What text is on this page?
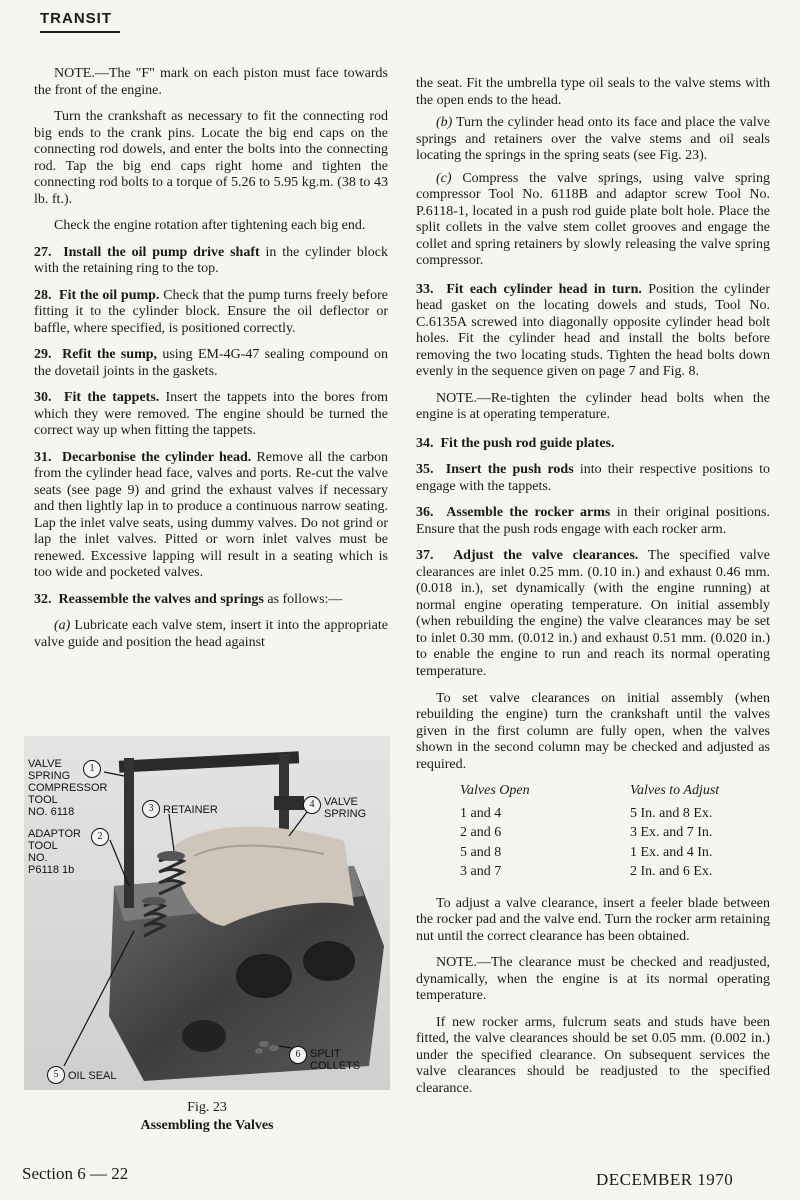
TRANSIT

NOTE.—The "F" mark on each piston must face towards the front of the engine.

Turn the crankshaft as necessary to fit the connecting rod big ends to the crank pins. Locate the big end caps on the connecting rod dowels, and enter the bolts into the connecting rod. Tap the big end caps right home and tighten the connecting rod bolts to a torque of 5.26 to 5.95 kg.m. (38 to 43 lb. ft.).

Check the engine rotation after tightening each big end.

27. Install the oil pump drive shaft in the cylinder block with the retaining ring to the top.

28. Fit the oil pump. Check that the pump turns freely before fitting it to the cylinder block. Ensure the oil deflector or baffle, where specified, is positioned correctly.

29. Refit the sump, using EM-4G-47 sealing compound on the dovetail joints in the gaskets.

30. Fit the tappets. Insert the tappets into the bores from which they were removed. The engine should be turned the correct way up when fitting the tappets.

31. Decarbonise the cylinder head. Remove all the carbon from the cylinder head face, valves and ports. Re-cut the valve seats (see page 9) and grind the exhaust valves if necessary and then lightly lap in to produce a continuous narrow seating. Lap the inlet valve seats, using dummy valves. Do not grind or lap the inlet valves. Pitted or worn inlet valves must be renewed. Excessive lapping will result in a seating which is too wide and pocketed valves.

32. Reassemble the valves and springs as follows:—

(a) Lubricate each valve stem, insert it into the appropriate valve guide and position the head against

VALVE
SPRING
COMPRESSOR
TOOL
NO. 6118
1
ADAPTOR
TOOL
NO.
P6118 1b
2
3 RETAINER	4 VALVE
SPRING
5 OIL SEAL
6 SPLIT
COLLETS
Fig. 23
Assembling the Valves

the seat. Fit the umbrella type oil seals to the valve stems with the open ends to the head.

(b) Turn the cylinder head onto its face and place the valve springs and retainers over the valve stems and oil seals locating the springs in the spring seats (see Fig. 23).

(c) Compress the valve springs, using valve spring compressor Tool No. 6118B and adaptor screw Tool No. P.6118-1, located in a push rod guide plate bolt hole. Place the split collets in the valve stem collet grooves and engage the collet and spring retainers by slowly releasing the valve spring compressor.

33. Fit each cylinder head in turn. Position the cylinder head gasket on the locating dowels and studs, Tool No. C.6135A screwed into diagonally opposite cylinder head bolt holes. Fit the cylinder head and install the bolts before removing the two locating studs. Tighten the head bolts down evenly in the sequence given on page 7 and Fig. 8.

NOTE.—Re-tighten the cylinder head bolts when the engine is at operating temperature.

34. Fit the push rod guide plates.

35. Insert the push rods into their respective positions to engage with the tappets.

36. Assemble the rocker arms in their original positions. Ensure that the push rods engage with each rocker arm.

37. Adjust the valve clearances. The specified valve clearances are inlet 0.25 mm. (0.10 in.) and exhaust 0.46 mm. (0.018 in.), set dynamically (with the engine running) at normal engine operating temperature. On initial assembly (when rebuilding the engine) the valve clearances may be set to inlet 0.30 mm. (0.012 in.) and exhaust 0.51 mm. (0.020 in.) to enable the engine to run and reach its normal operating temperature.

To set valve clearances on initial assembly (when rebuilding the engine) turn the crankshaft until the valves given in the first column are fully open, when the valves shown in the second column may be checked and adjusted as required.

Valves Open	Valves to Adjust
1 and 4	5 In. and 8 Ex.
2 and 6	3 Ex. and 7 In.
5 and 8	1 Ex. and 4 In.
3 and 7	2 In. and 6 Ex.

To adjust a valve clearance, insert a feeler blade between the rocker pad and the valve end. Turn the rocker arm retaining nut until the correct clearance has been obtained.

NOTE.—The clearance must be checked and readjusted, dynamically, when the engine is at its normal operating temperature.

If new rocker arms, fulcrum seats and studs have been fitted, the valve clearances should be set 0.05 mm. (0.002 in.) under the specified clearance. On subsequent services the valve clearances should be readjusted to the specified clearance.

Section 6 — 22	DECEMBER 1970
